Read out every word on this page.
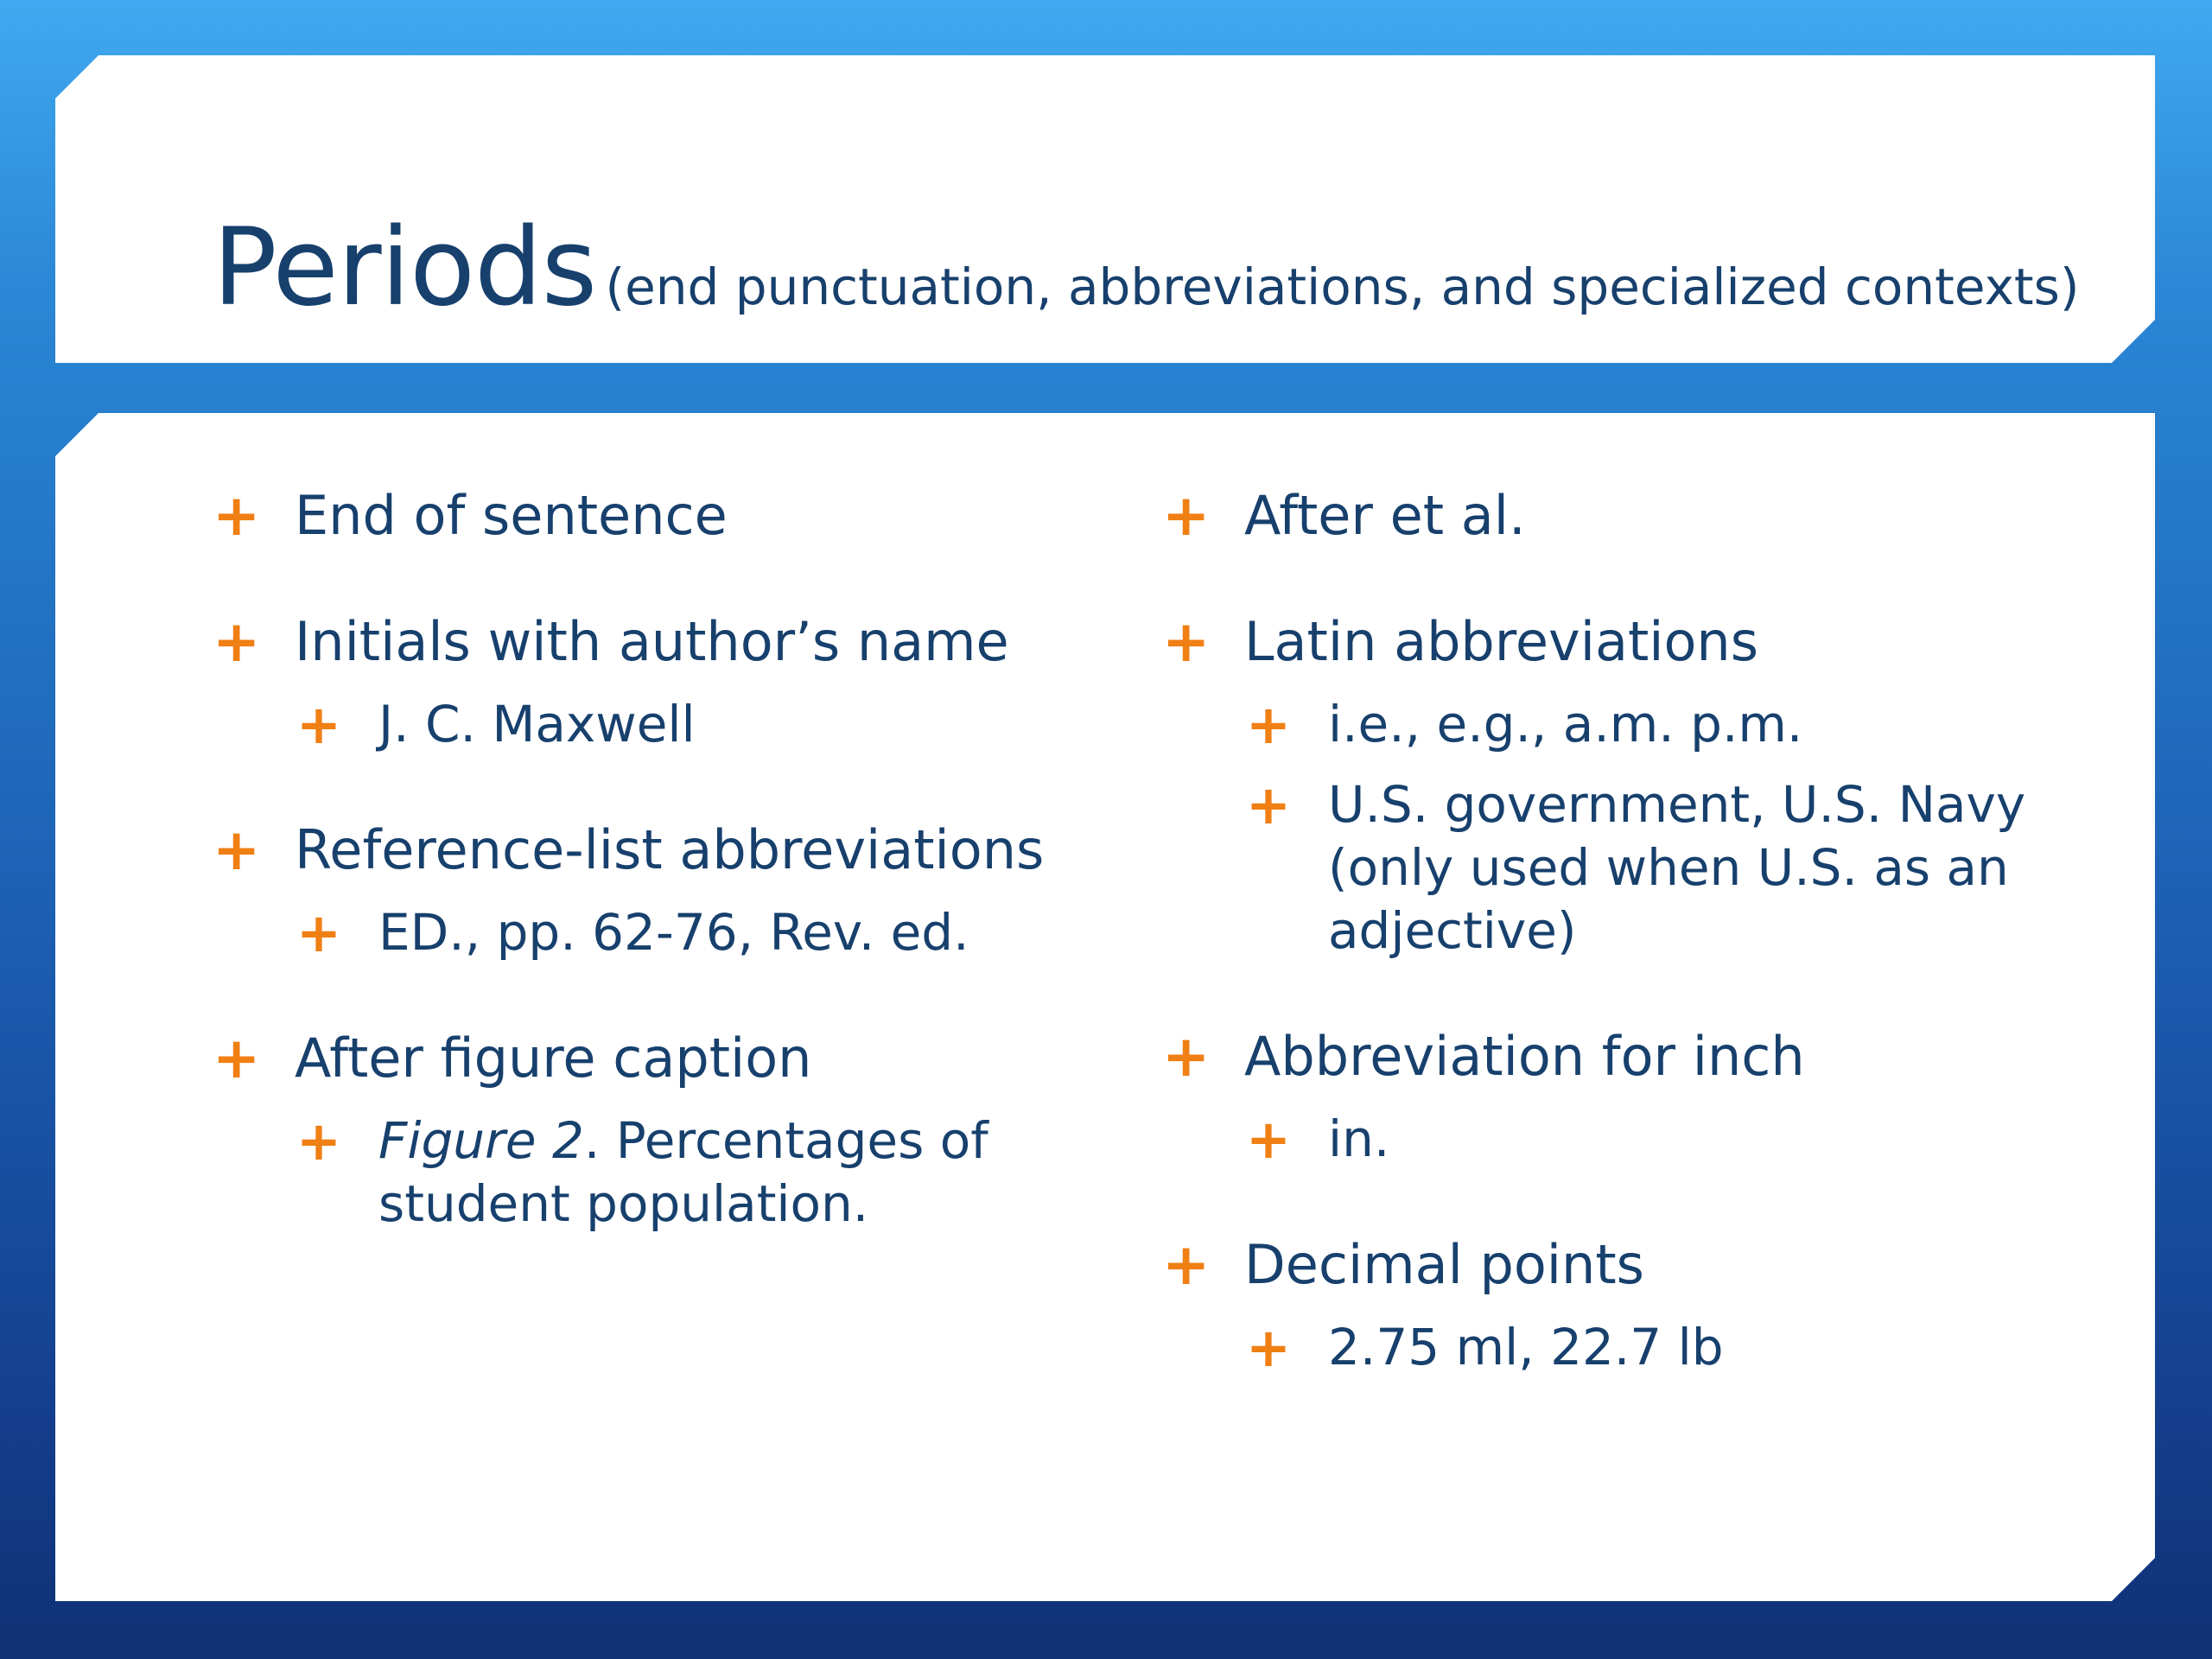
Periods (end punctuation, abbreviations, and specialized contexts)
+ End of sentence
+ Initials with author’s name
+ J. C. Maxwell
+ Reference-list abbreviations
+ ED., pp. 62-76, Rev. ed.
+ After figure caption
+ Figure 2. Percentages of student population.
+ After et al.
+ Latin abbreviations
+ i.e., e.g., a.m. p.m.
+ U.S. government, U.S. Navy (only used when U.S. as an adjective)
+ Abbreviation for inch
+ in.
+ Decimal points
+ 2.75 ml, 22.7 lb
